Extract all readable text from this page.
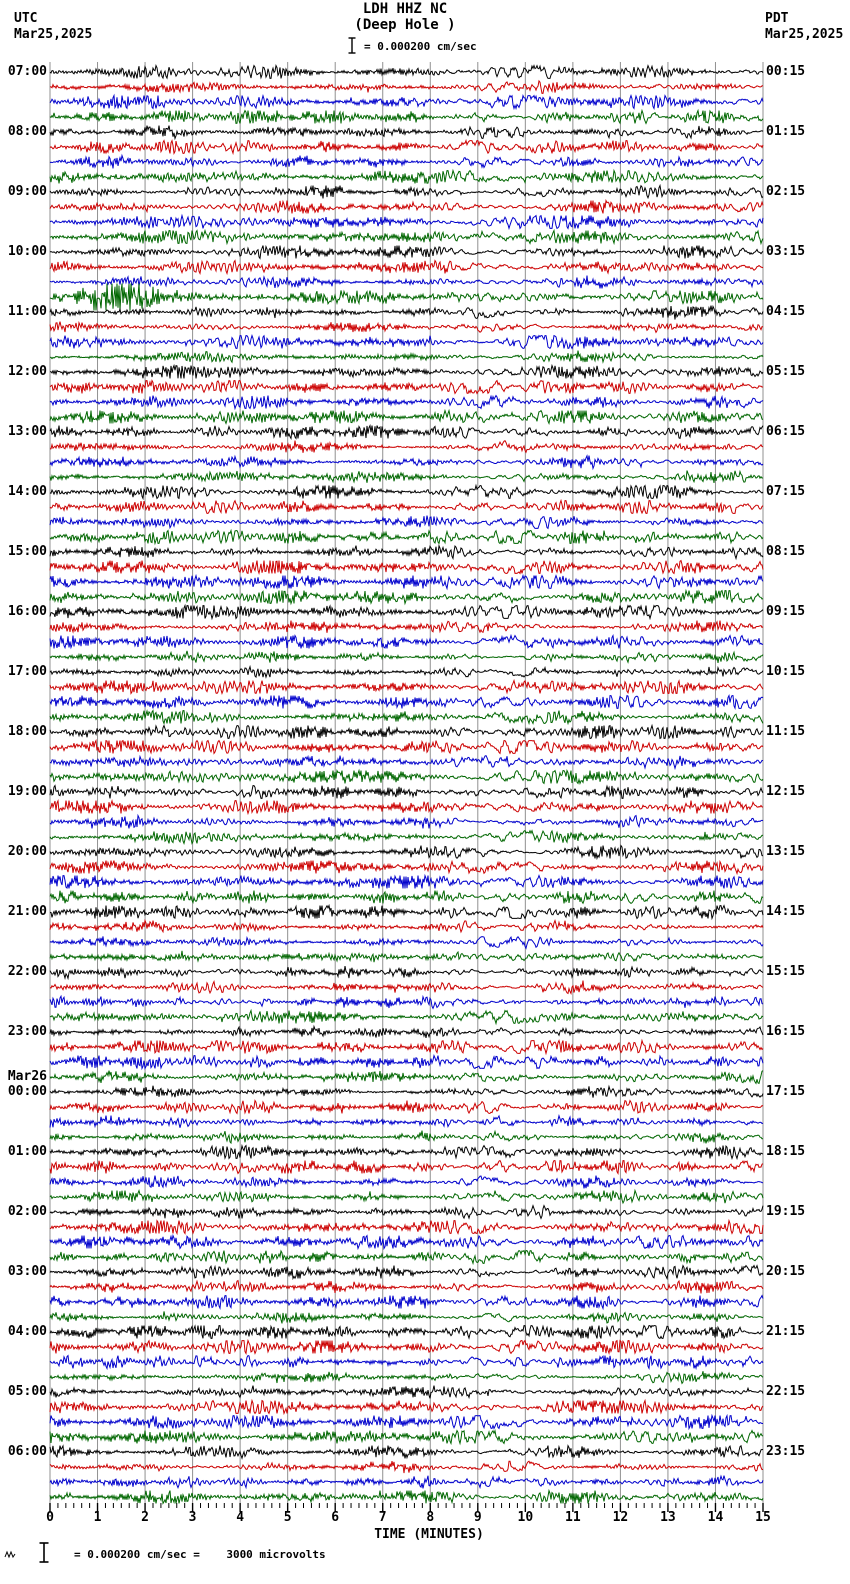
LDH HHZ NC
(Deep Hole )
UTC
Mar25,2025
PDT
Mar25,2025
= 0.000200 cm/sec
TIME (MINUTES)
= 0.000200 cm/sec =    3000 microvolts
07:00
08:00
09:00
10:00
11:00
12:00
13:00
14:00
15:00
16:00
17:00
18:00
19:00
20:00
21:00
22:00
23:00
00:00
01:00
02:00
03:00
04:00
05:00
06:00
00:15
01:15
02:15
03:15
04:15
05:15
06:15
07:15
08:15
09:15
10:15
11:15
12:15
13:15
14:15
15:15
16:15
17:15
18:15
19:15
20:15
21:15
22:15
23:15
Mar26
0	1	2	3	4	5	6	7	8	9	10	11	12	13	14	15
